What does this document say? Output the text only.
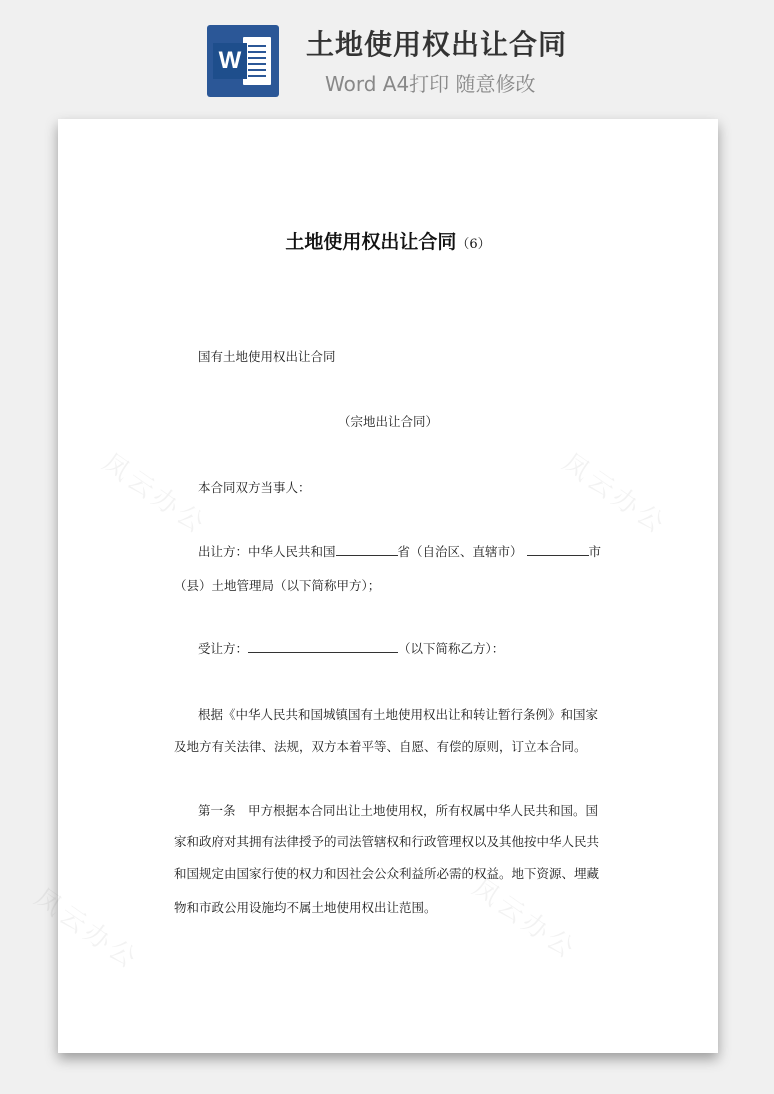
W 土地使用权出让合同
Word A4打印 随意修改
凤云办公	凤云办公
凤云办公
凤云办公
土地使用权出让合同（6）
国有土地使用权出让合同
（宗地出让合同）
本合同双方当事人：
出让方：中华人民共和国	省（自治区、直辖市）	市
（县）土地管理局（以下简称甲方）；
受让方：	（以下简称乙方）：
根据《中华人民共和国城镇国有土地使用权出让和转让暂行条例》和国家
及地方有关法律、法规，双方本着平等、自愿、有偿的原则，订立本合同。
第一条　甲方根据本合同出让土地使用权，所有权属中华人民共和国。国
家和政府对其拥有法律授予的司法管辖权和行政管理权以及其他按中华人民共
和国规定由国家行使的权力和因社会公众利益所必需的权益。地下资源、埋藏
物和市政公用设施均不属土地使用权出让范围。
